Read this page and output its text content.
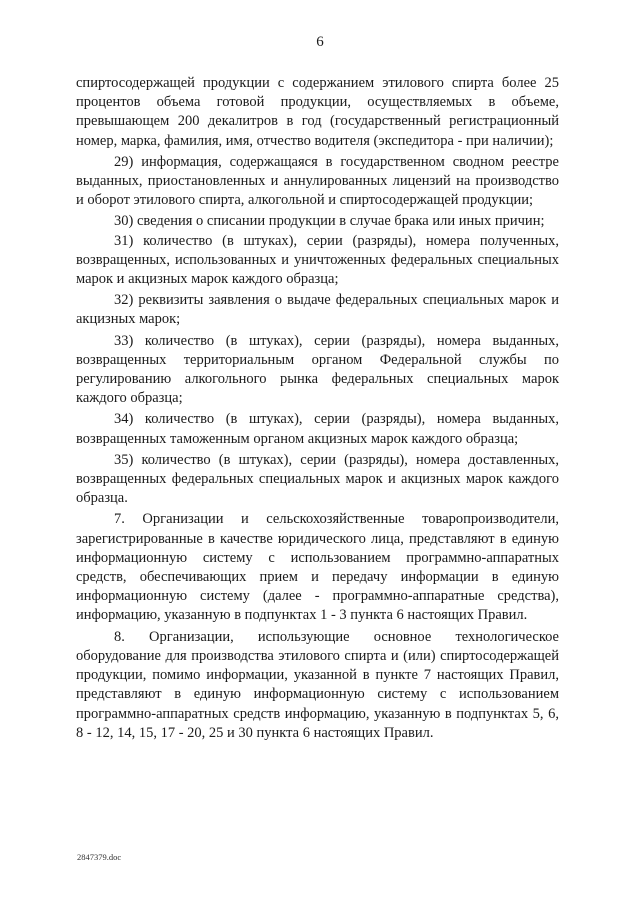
6

спиртосодержащей продукции с содержанием этилового спирта более 25 процентов объема готовой продукции, осуществляемых в объеме, превышающем 200 декалитров в год (государственный регистрационный номер, марка, фамилия, имя, отчество водителя (экспедитора - при наличии);

29) информация, содержащаяся в государственном сводном реестре выданных, приостановленных и аннулированных лицензий на производство и оборот этилового спирта, алкогольной и спиртосодержащей продукции;

30) сведения о списании продукции в случае брака или иных причин;

31) количество (в штуках), серии (разряды), номера полученных, возвращенных, использованных и уничтоженных федеральных специальных марок и акцизных марок каждого образца;

32) реквизиты заявления о выдаче федеральных специальных марок и акцизных марок;

33) количество (в штуках), серии (разряды), номера выданных, возвращенных территориальным органом Федеральной службы по регулированию алкогольного рынка федеральных специальных марок каждого образца;

34) количество (в штуках), серии (разряды), номера выданных, возвращенных таможенным органом акцизных марок каждого образца;

35) количество (в штуках), серии (разряды), номера доставленных, возвращенных федеральных специальных марок и акцизных марок каждого образца.

7. Организации и сельскохозяйственные товаропроизводители, зарегистрированные в качестве юридического лица, представляют в единую информационную систему с использованием программно-аппаратных средств, обеспечивающих прием и передачу информации в единую информационную систему (далее - программно-аппаратные средства), информацию, указанную в подпунктах 1 - 3 пункта 6 настоящих Правил.

8. Организации, использующие основное технологическое оборудование для производства этилового спирта и (или) спиртосодержащей продукции, помимо информации, указанной в пункте 7 настоящих Правил, представляют в единую информационную систему с использованием программно-аппаратных средств информацию, указанную в подпунктах 5, 6, 8 - 12, 14, 15, 17 - 20, 25 и 30 пункта 6 настоящих Правил.

2847379.doc
